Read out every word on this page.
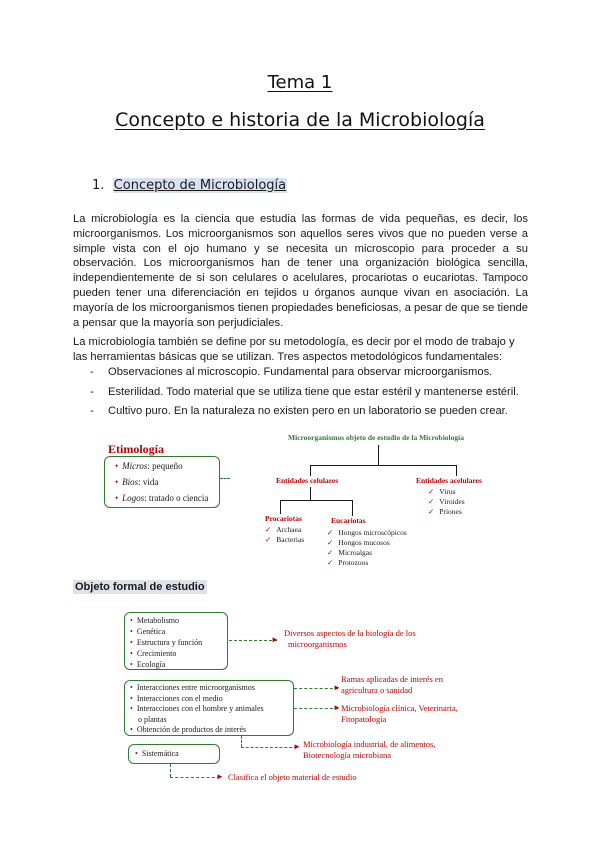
Tema 1
Concepto e historia de la Microbiología
1. Concepto de Microbiología
La microbiología es la ciencia que estudia las formas de vida pequeñas, es decir, los microorganismos. Los microorganismos son aquellos seres vivos que no pueden verse a simple vista con el ojo humano y se necesita un microscopio para proceder a su observación. Los microorganismos han de tener una organización biológica sencilla, independientemente de si son celulares o acelulares, procariotas o eucariotas. Tampoco pueden tener una diferenciación en tejidos u órganos aunque vivan en asociación. La mayoría de los microorganismos tienen propiedades beneficiosas, a pesar de que se tiende a pensar que la mayoría son perjudiciales.
La microbiología también se define por su metodología, es decir por el modo de trabajo y las herramientas básicas que se utilizan. Tres aspectos metodológicos fundamentales:
- Observaciones al microscopio. Fundamental para observar microorganismos.
- Esterilidad. Todo material que se utiliza tiene que estar estéril y mantenerse estéril.
- Cultivo puro. En la naturaleza no existen pero en un laboratorio se pueden crear.
Etimología
• Micros: pequeño
• Bios: vida
• Logos: tratado o ciencia
Microorganismos objeto de estudio de la Microbiología
Entidades celulares	Entidades acelulares
✓ Virus
✓ Viroides
✓ Priones
Procariotas
✓ Archaea
✓ Bacterias
Eucariotas
✓ Hongos microscópicos
✓ Hongos mucosos
✓ Microalgas
✓ Protozoos
Objeto formal de estudio
• Metabolismo
• Genética
• Estructura y función
• Crecimiento
• Ecología
►
Diversos aspectos de la biología de los
microorganismos
• Interacciones entre microorganismos
• Interacciones con el medio
• Interacciones con el hombre y animales
o plantas
• Obtención de productos de interés
►
Ramas aplicadas de interés en
agricultura o sanidad
► Microbiología clínica, Veterinaria,
Fitopatología
► Microbiología industrial, de alimentos,
Biotecnología microbiana
• Sistemática
► Clasifica el objeto material de estudio
